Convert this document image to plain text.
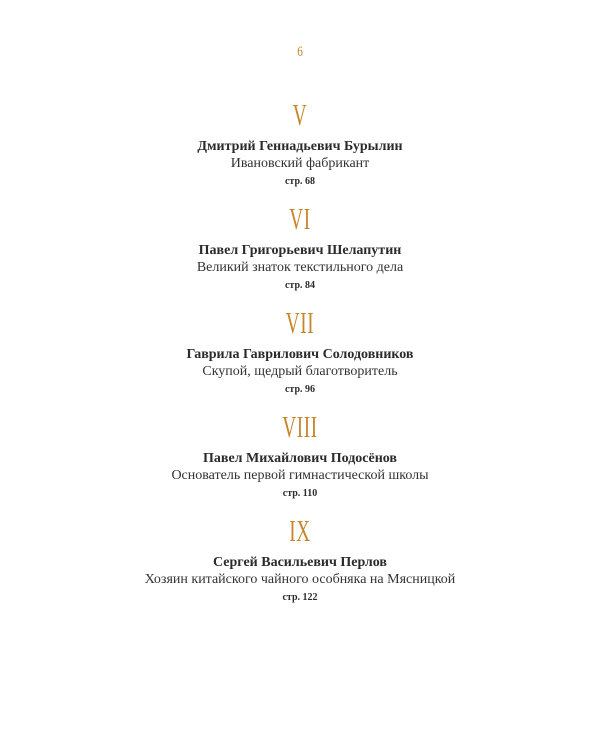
6
V
Дмитрий Геннадьевич Бурылин
Ивановский фабрикант
стр. 68
VI
Павел Григорьевич Шелапутин
Великий знаток текстильного дела
стр. 84
VII
Гаврила Гаврилович Солодовников
Скупой, щедрый благотворитель
стр. 96
VIII
Павел Михайлович Подосёнов
Основатель первой гимнастической школы
стр. 110
IX
Сергей Васильевич Перлов
Хозяин китайского чайного особняка на Мясницкой
стр. 122
